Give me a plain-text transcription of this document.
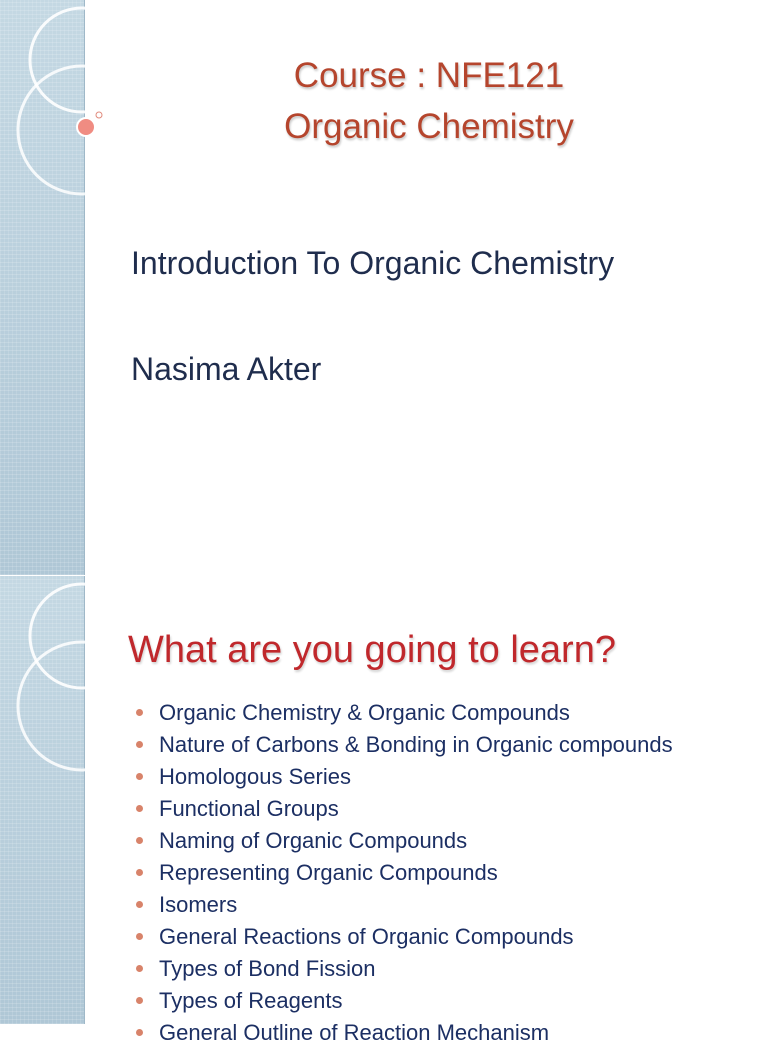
Course : NFE121
Organic Chemistry
Introduction To Organic Chemistry
Nasima Akter
What are you going to learn?
Organic Chemistry & Organic Compounds
Nature of Carbons & Bonding in Organic compounds
Homologous Series
Functional Groups
Naming of Organic Compounds
Representing Organic Compounds
Isomers
General Reactions of Organic Compounds
Types of Bond Fission
Types of Reagents
General Outline of Reaction Mechanism
